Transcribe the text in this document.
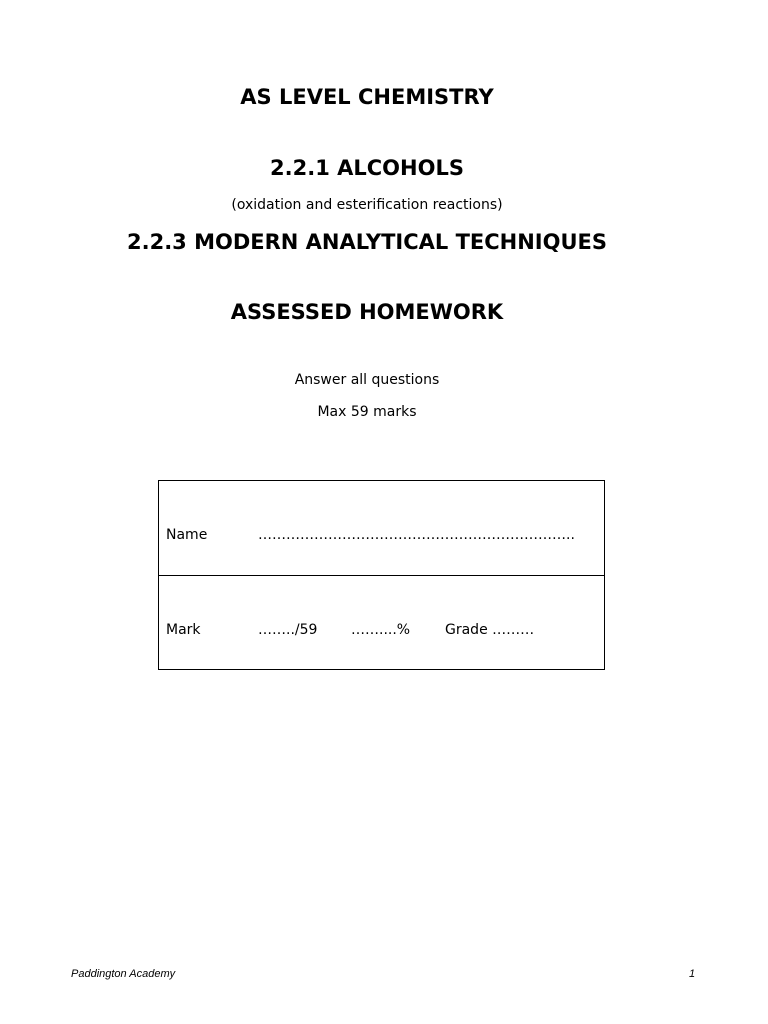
AS LEVEL CHEMISTRY
2.2.1 ALCOHOLS
(oxidation and esterification reactions)
2.2.3 MODERN ANALYTICAL TECHNIQUES
ASSESSED HOMEWORK
Answer all questions
Max 59 marks
Name	…………………………………………………………..
Mark	……../59 ……....% Grade ………
Paddington Academy	1
